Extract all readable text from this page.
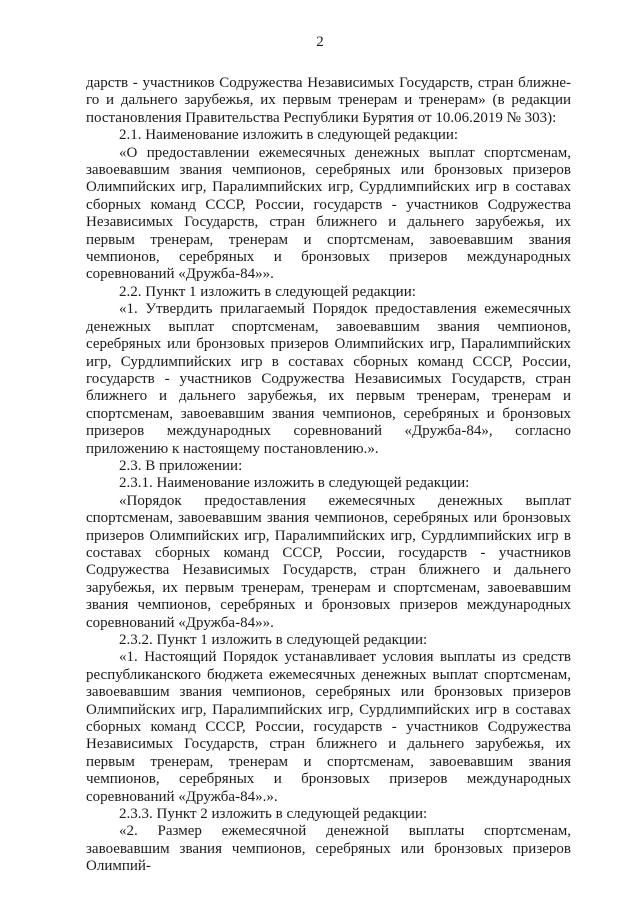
2

дарств - участников Содружества Независимых Государств, стран ближне-го и дальнего зарубежья, их первым тренерам и тренерам» (в редакции постановления Правительства Республики Бурятия от 10.06.2019 № 303):

2.1. Наименование изложить в следующей редакции:

«О предоставлении ежемесячных денежных выплат спортсменам, завоевавшим звания чемпионов, серебряных или бронзовых призеров Олимпийских игр, Паралимпийских игр, Сурдлимпийских игр в составах сборных команд СССР, России, государств - участников Содружества Независимых Государств, стран ближнего и дальнего зарубежья, их первым тренерам, тренерам и спортсменам, завоевавшим звания чемпионов, серебряных и бронзовых призеров международных соревнований «Дружба-84»».

2.2. Пункт 1 изложить в следующей редакции:

«1. Утвердить прилагаемый Порядок предоставления ежемесячных денежных выплат спортсменам, завоевавшим звания чемпионов, серебряных или бронзовых призеров Олимпийских игр, Паралимпийских игр, Сурдлимпийских игр в составах сборных команд СССР, России, государств - участников Содружества Независимых Государств, стран ближнего и дальнего зарубежья, их первым тренерам, тренерам и спортсменам, завоевавшим звания чемпионов, серебряных и бронзовых призеров международных соревнований «Дружба-84», согласно приложению к настоящему постановлению.».

2.3. В приложении:

2.3.1. Наименование изложить в следующей редакции:

«Порядок предоставления ежемесячных денежных выплат спортсменам, завоевавшим звания чемпионов, серебряных или бронзовых призеров Олимпийских игр, Паралимпийских игр, Сурдлимпийских игр в составах сборных команд СССР, России, государств - участников Содружества Независимых Государств, стран ближнего и дальнего зарубежья, их первым тренерам, тренерам и спортсменам, завоевавшим звания чемпионов, серебряных и бронзовых призеров международных соревнований «Дружба-84»».

2.3.2. Пункт 1 изложить в следующей редакции:

«1. Настоящий Порядок устанавливает условия выплаты из средств республиканского бюджета ежемесячных денежных выплат спортсменам, завоевавшим звания чемпионов, серебряных или бронзовых призеров Олимпийских игр, Паралимпийских игр, Сурдлимпийских игр в составах сборных команд СССР, России, государств - участников Содружества Независимых Государств, стран ближнего и дальнего зарубежья, их первым тренерам, тренерам и спортсменам, завоевавшим звания чемпионов, серебряных и бронзовых призеров международных соревнований «Дружба-84».».

2.3.3. Пункт 2 изложить в следующей редакции:

«2. Размер ежемесячной денежной выплаты спортсменам, завоевавшим звания чемпионов, серебряных или бронзовых призеров Олимпий-
